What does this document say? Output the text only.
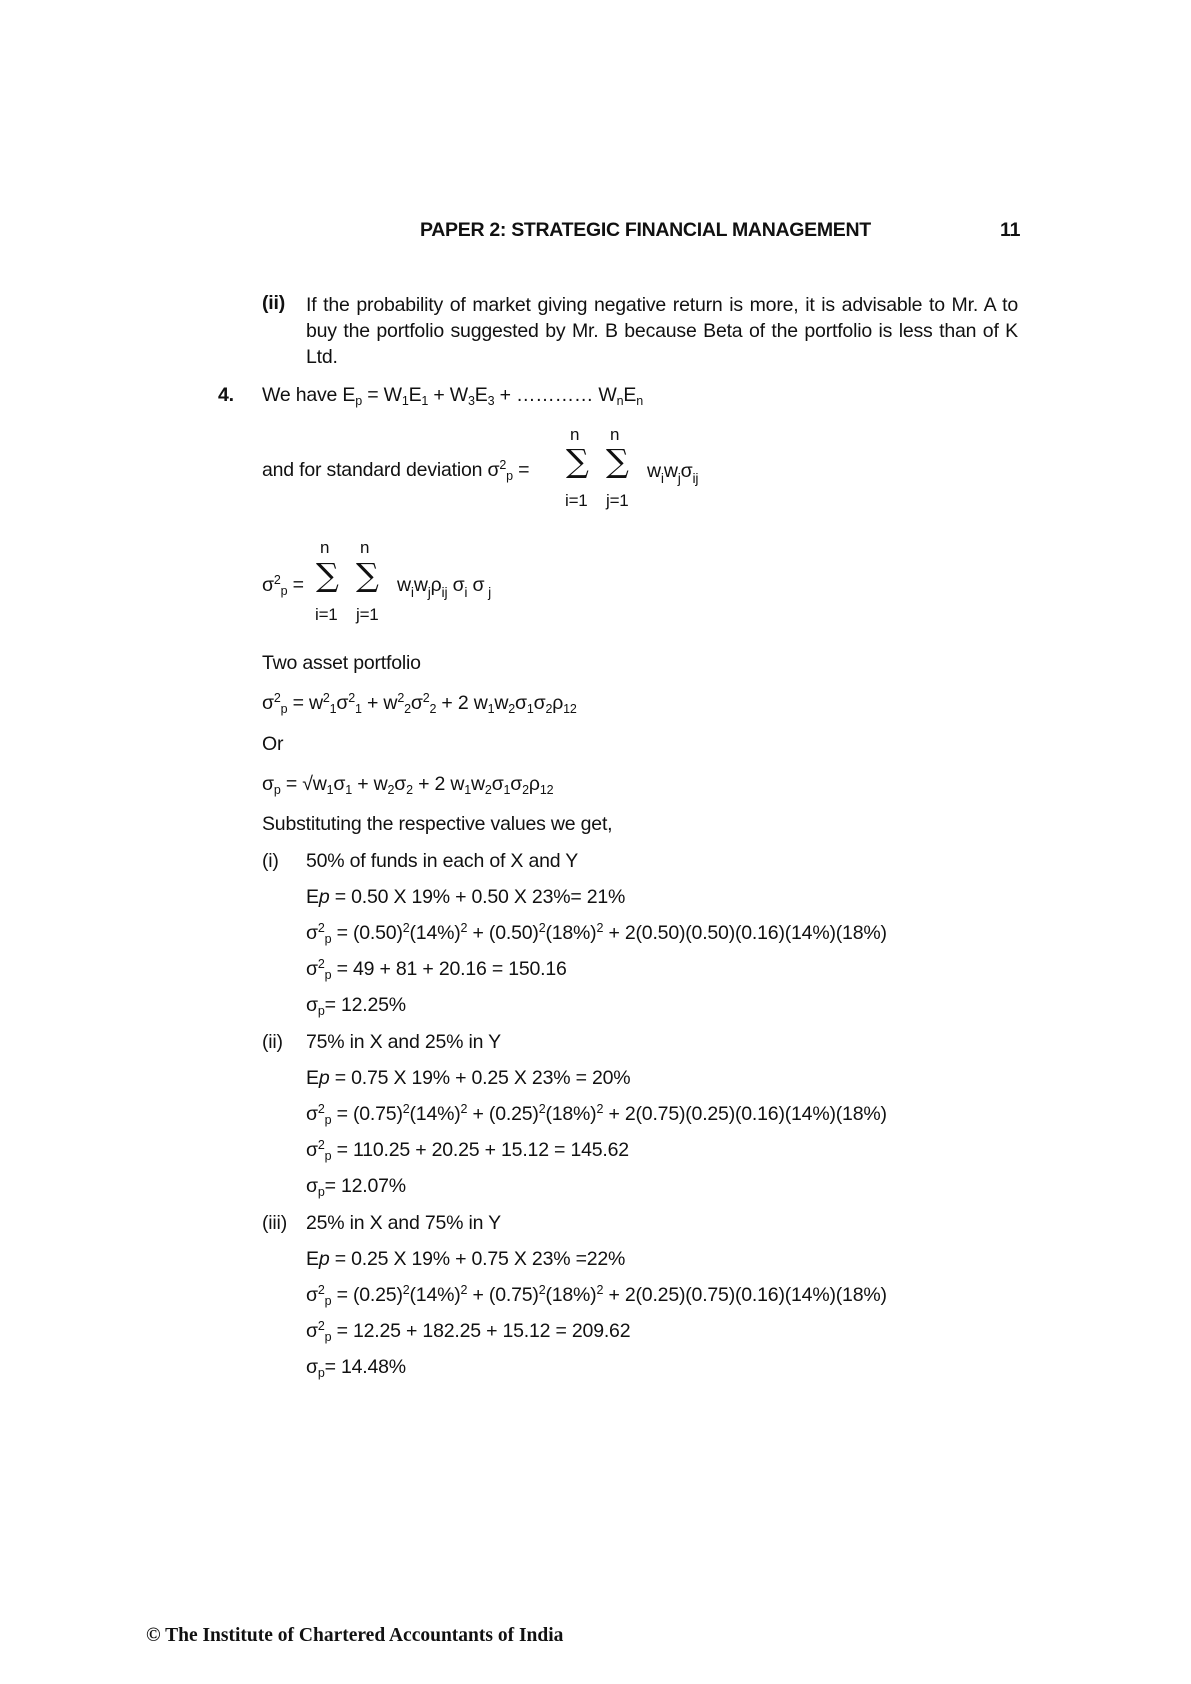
PAPER 2: STRATEGIC FINANCIAL MANAGEMENT	11
(ii) If the probability of market giving negative return is more, it is advisable to Mr. A to buy the portfolio suggested by Mr. B because Beta of the portfolio is less than of K Ltd.
4. We have $E_p = W_1E_1 + W_3E_3$ + ………… $W_nE_n$
and for standard deviation $\sigma^2_p$ =
n n
∑ ∑ $w_iw_j\sigma_{ij}$
i=1 j=1
n n
$\sigma^2_p$ = ∑ ∑ $w_iw_j\rho_{ij}$ $\sigma_i$ σ $_j$
i=1 j=1
Two asset portfolio
$\sigma^2_p = w^2_1\sigma^2_1 + w^2_2\sigma^2_2 + 2$ $w_1w_2\sigma_1\sigma_2\rho_{12}$
Or
$\sigma_p = √w_1\sigma_1 + w_2\sigma_2 + 2$ $w_1w_2\sigma_1\sigma_2\rho_{12}$
Substituting the respective values we get,
(i) 50% of funds in each of X and Y
Ep = 0.50 X 19% + 0.50 X 23%= 21%
$\sigma^2_p = (0.50)^2(14\%)^2 + (0.50)^2(18\%)^2 + 2(0.50)(0.50)(0.16)(14\%)(18\%)$
$\sigma^2_p = 49 + 81 + 20.16 = 150.16$
$\sigma_p= 12.25\%$
(ii) 75% in X and 25% in Y
Ep = 0.75 X 19% + 0.25 X 23% = 20%
$\sigma^2_p = (0.75)^2(14\%)^2 + (0.25)^2(18\%)^2 + 2(0.75)(0.25)(0.16)(14\%)(18\%)$
$\sigma^2_p = 110.25 + 20.25 + 15.12 = 145.62$
$\sigma_p= 12.07\%$
(iii) 25% in X and 75% in Y
Ep = 0.25 X 19% + 0.75 X 23% =22%
$\sigma^2_p = (0.25)^2(14\%)^2 + (0.75)^2(18\%)^2 + 2(0.25)(0.75)(0.16)(14\%)(18\%)$
$\sigma^2_p = 12.25 + 182.25 + 15.12 = 209.62$
$\sigma_p= 14.48\%$
© The Institute of Chartered Accountants of India
